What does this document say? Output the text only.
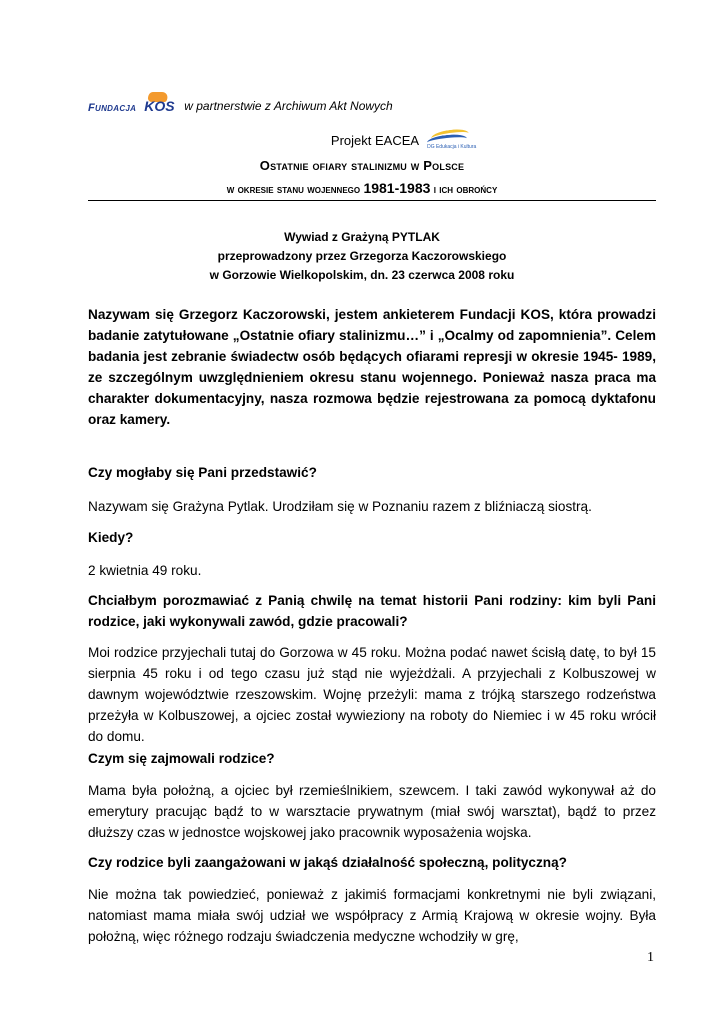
Fundacja KOS w partnerstwie z Archiwum Akt Nowych
Projekt EACEA DG Edukacja i Kultura
Ostatnie ofiary stalinizmu w Polsce
w okresie stanu wojennego 1981-1983 i ich obrońcy
Wywiad z Grażyną PYTLAK
przeprowadzony przez Grzegorza Kaczorowskiego
w Gorzowie Wielkopolskim, dn. 23 czerwca 2008 roku

Nazywam się Grzegorz Kaczorowski, jestem ankieterem Fundacji KOS, która prowadzi badanie zatytułowane „Ostatnie ofiary stalinizmu…” i „Ocalmy od zapomnienia”. Celem badania jest zebranie świadectw osób będących ofiarami represji w okresie 1945- 1989, ze szczególnym uwzględnieniem okresu stanu wojennego. Ponieważ nasza praca ma charakter dokumentacyjny, nasza rozmowa będzie rejestrowana za pomocą dyktafonu oraz kamery.

Czy mogłaby się Pani przedstawić?

Nazywam się Grażyna Pytlak. Urodziłam się w Poznaniu razem z bliźniaczą siostrą.

Kiedy?

2 kwietnia 49 roku.

Chciałbym porozmawiać z Panią chwilę na temat historii Pani rodziny: kim byli Pani rodzice, jaki wykonywali zawód, gdzie pracowali?

Moi rodzice przyjechali tutaj do Gorzowa w 45 roku. Można podać nawet ścisłą datę, to był 15 sierpnia 45 roku i od tego czasu już stąd nie wyjeżdżali. A przyjechali z Kolbuszowej w dawnym województwie rzeszowskim. Wojnę przeżyli: mama z trójką starszego rodzeństwa przeżyła w Kolbuszowej, a ojciec został wywieziony na roboty do Niemiec i w 45 roku wrócił do domu.

Czym się zajmowali rodzice?

Mama była położną, a ojciec był rzemieślnikiem, szewcem. I taki zawód wykonywał aż do emerytury pracując bądź to w warsztacie prywatnym (miał swój warsztat), bądź to przez dłuższy czas w jednostce wojskowej jako pracownik wyposażenia wojska.

Czy rodzice byli zaangażowani w jakąś działalność społeczną, polityczną?

Nie można tak powiedzieć, ponieważ z jakimiś formacjami konkretnymi nie byli związani, natomiast mama miała swój udział we współpracy z Armią Krajową w okresie wojny. Była położną, więc różnego rodzaju świadczenia medyczne wchodziły w grę,

1
